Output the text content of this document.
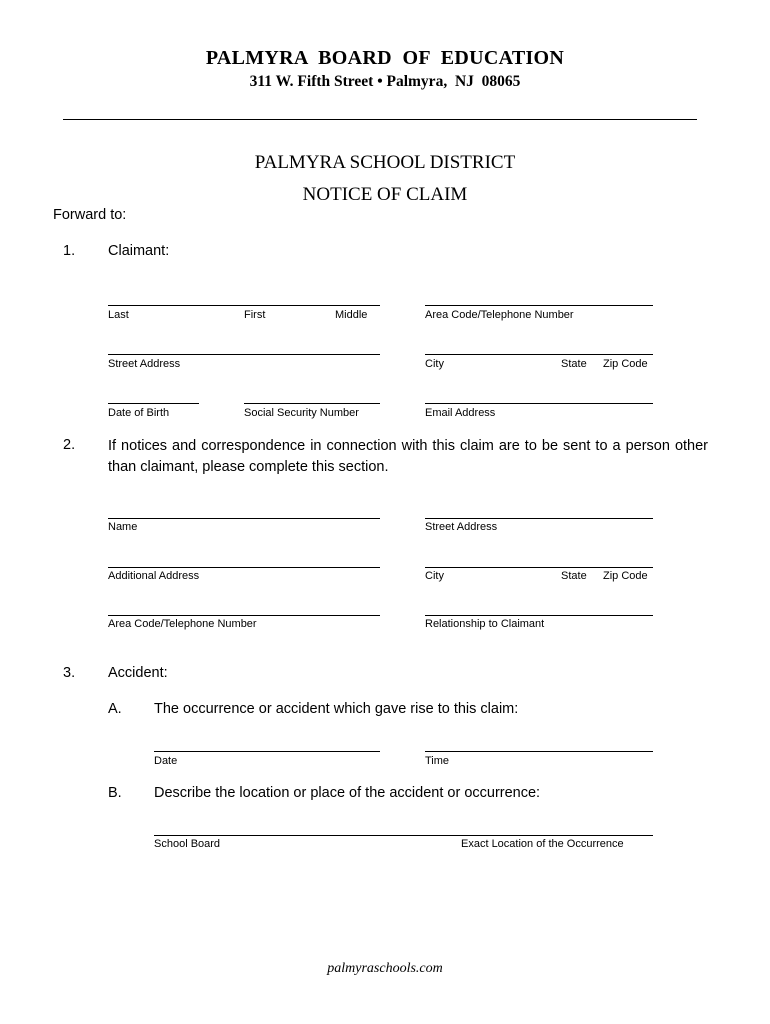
PALMYRA  BOARD  OF  EDUCATION
311 W. Fifth Street • Palmyra,  NJ  08065
PALMYRA SCHOOL DISTRICT
NOTICE OF CLAIM
Forward to:
1. Claimant:
Last	First	Middle	Area Code/Telephone Number
Street Address	City	State Zip Code
Date of Birth	Social Security Number	Email Address
2. If notices and correspondence in connection with this claim are to be sent to a person other than claimant, please complete this section.
Name	Street Address
Additional Address	City	State Zip Code
Area Code/Telephone Number	Relationship to Claimant
3. Accident:
A. The occurrence or accident which gave rise to this claim:
Date	Time
B. Describe the location or place of the accident or occurrence:
School Board	Exact Location of the Occurrence
palmyraschools.com
